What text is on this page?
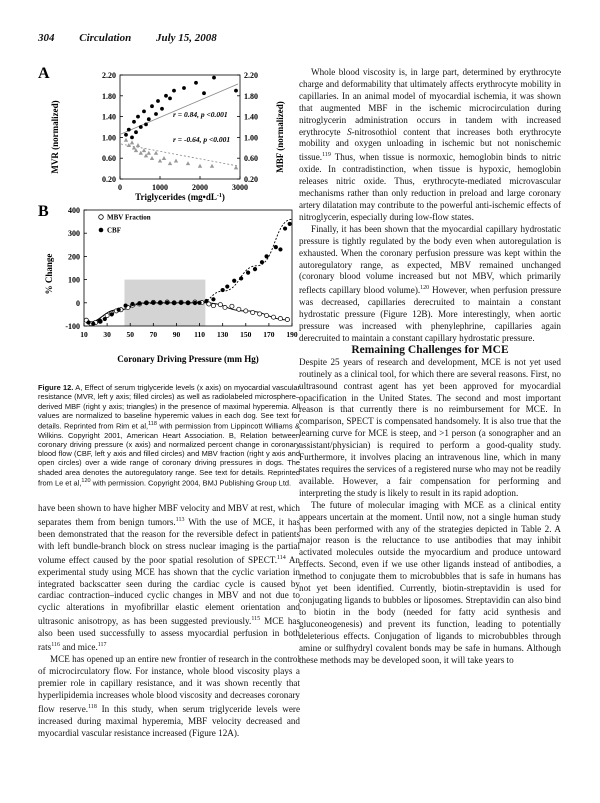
304 Circulation July 15, 2008
A
MVR (normalized)	MBF (normalized)
2.20
1.80
1.40
1.00
0.60
0.20
2.20
1.80
1.40
1.00
0.60
0.20
0	1000	2000	3000
r = 0.84, p <0.001
r = -0.64, p <0.001
Triglycerides $(mg•dL^{-1})$
B
% Change
400
300
200
100
0
-100
10 30 50 70 90 110 130 150 170 190
MBV Fraction
CBF
Coronary Driving Pressure (mm Hg)
Figure 12. A, Effect of serum triglyceride levels (x axis) on myocardial vascular resistance (MVR, left y axis; filled circles) as well as radiolabeled microsphere–derived MBF (right y axis; triangles) in the presence of maximal hyperemia. All values are normalized to baseline hyperemic values in each dog. See text for details. Reprinted from Rim et al,$^{118}$ with permission from Lippincott Williams & Wilkins. Copyright 2001, American Heart Association. B, Relation between coronary driving pressure (x axis) and normalized percent change in coronary blood flow (CBF, left y axis and filled circles) and MBV fraction (right y axis and open circles) over a wide range of coronary driving pressures in dogs. The shaded area denotes the autoregulatory range. See text for details. Reprinted from Le et al,$^{120}$ with permission. Copyright 2004, BMJ Publishing Group Ltd.

have been shown to have higher MBF velocity and MBV at rest, which separates them from benign tumors.$^{113}$ With the use of MCE, it has been demonstrated that the reason for the reversible defect in patients with left bundle-branch block on stress nuclear imaging is the partial volume effect caused by the poor spatial resolution of SPECT.$^{114}$ An experimental study using MCE has shown that the cyclic variation in integrated backscatter seen during the cardiac cycle is caused by cardiac contraction–induced cyclic changes in MBV and not due to cyclic alterations in myofibrillar elastic element orientation and ultrasonic anisotropy, as has been suggested previously.$^{115}$ MCE has also been used successfully to assess myocardial perfusion in both rats$^{116}$ and mice.$^{117}$

MCE has opened up an entire new frontier of research in the control of microcirculatory flow. For instance, whole blood viscosity plays a premier role in capillary resistance, and it was shown recently that hyperlipidemia increases whole blood viscosity and decreases coronary flow reserve.$^{118}$ In this study, when serum triglyceride levels were increased during maximal hyperemia, MBF velocity decreased and myocardial vascular resistance increased (Figure 12A).

Whole blood viscosity is, in large part, determined by erythrocyte charge and deformability that ultimately affects erythrocyte mobility in capillaries. In an animal model of myocardial ischemia, it was shown that augmented MBF in the ischemic microcirculation during nitroglycerin administration occurs in tandem with increased erythrocyte S-nitrosothiol content that increases both erythrocyte mobility and oxygen unloading in ischemic but not nonischemic tissue.$^{119}$ Thus, when tissue is normoxic, hemoglobin binds to nitric oxide. In contradistinction, when tissue is hypoxic, hemoglobin releases nitric oxide. Thus, erythrocyte-mediated microvascular mechanisms rather than only reduction in preload and large coronary artery dilatation may contribute to the powerful anti-ischemic effects of nitroglycerin, especially during low-flow states.

Finally, it has been shown that the myocardial capillary hydrostatic pressure is tightly regulated by the body even when autoregulation is exhausted. When the coronary perfusion pressure was kept within the autoregulatory range, as expected, MBV remained unchanged (coronary blood volume increased but not MBV, which primarily reflects capillary blood volume).$^{120}$ However, when perfusion pressure was decreased, capillaries derecruited to maintain a constant hydrostatic pressure (Figure 12B). More interestingly, when aortic pressure was increased with phenylephrine, capillaries again derecruited to maintain a constant capillary hydrostatic pressure.

Remaining Challenges for MCE

Despite 25 years of research and development, MCE is not yet used routinely as a clinical tool, for which there are several reasons. First, no ultrasound contrast agent has yet been approved for myocardial opacification in the United States. The second and most important reason is that currently there is no reimbursement for MCE. In comparison, SPECT is compensated handsomely. It is also true that the learning curve for MCE is steep, and >1 person (a sonographer and an assistant/physician) is required to perform a good-quality study. Furthermore, it involves placing an intravenous line, which in many states requires the services of a registered nurse who may not be readily available. However, a fair compensation for performing and interpreting the study is likely to result in its rapid adoption.

The future of molecular imaging with MCE as a clinical entity appears uncertain at the moment. Until now, not a single human study has been performed with any of the strategies depicted in Table 2. A major reason is the reluctance to use antibodies that may inhibit activated molecules outside the myocardium and produce untoward effects. Second, even if we use other ligands instead of antibodies, a method to conjugate them to microbubbles that is safe in humans has not yet been identified. Currently, biotin-streptavidin is used for conjugating ligands to bubbles or liposomes. Streptavidin can also bind to biotin in the body (needed for fatty acid synthesis and gluconeogenesis) and prevent its function, leading to potentially deleterious effects. Conjugation of ligands to microbubbles through amine or sulfhydryl covalent bonds may be safe in humans. Although these methods may be developed soon, it will take years to
